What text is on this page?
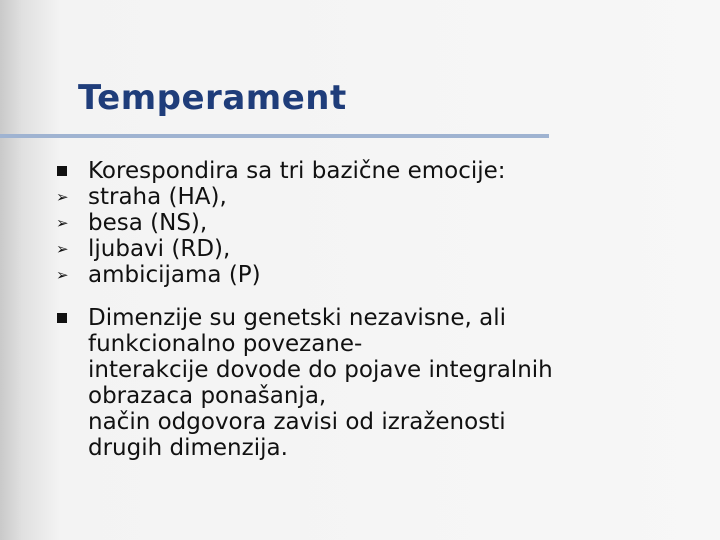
Temperament
Korespondira sa tri bazične emocije:
➢ straha (HA),
➢ besa (NS),
➢ ljubavi (RD),
➢ ambicijama (P)
Dimenzije su genetski nezavisne, ali
funkcionalno povezane-
interakcije dovode do pojave integralnih
obrazaca ponašanja,
način odgovora zavisi od izraženosti
drugih dimenzija.
